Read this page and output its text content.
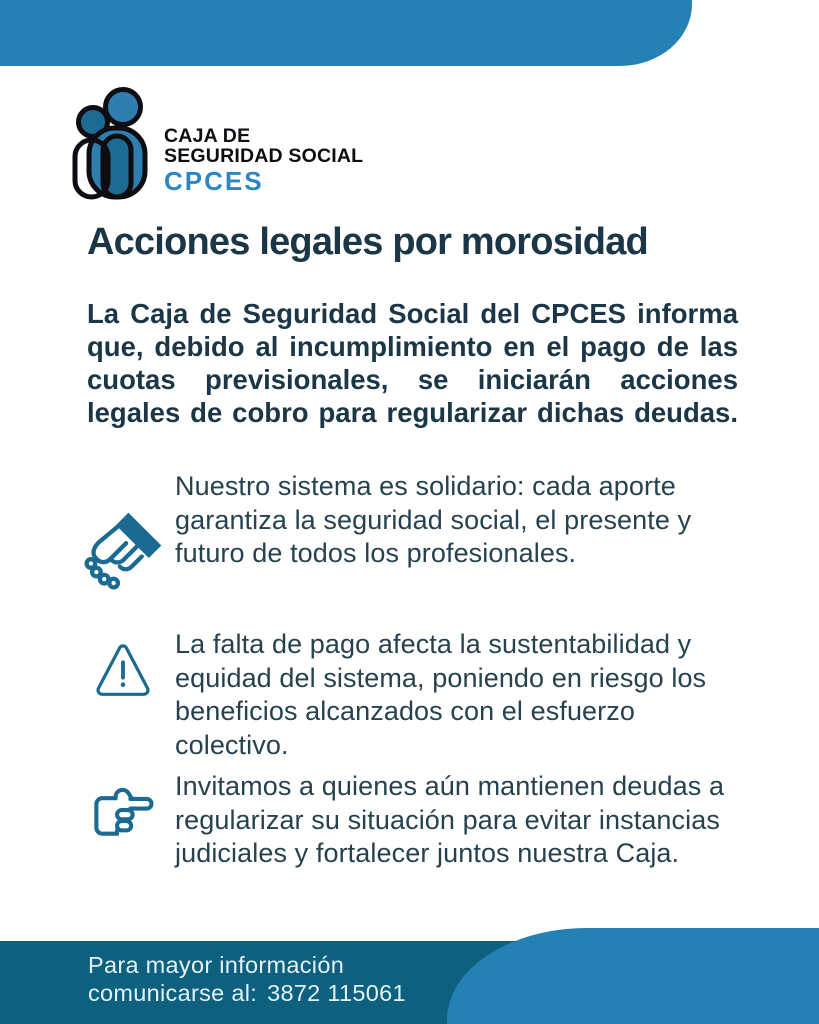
CAJA DE
SEGURIDAD SOCIAL
CPCES
Acciones legales por morosidad

La Caja de Seguridad Social del CPCES informa que, debido al incumplimiento en el pago de las cuotas previsionales, se iniciarán acciones legales de cobro para regularizar dichas deudas.

Nuestro sistema es solidario: cada aporte garantiza la seguridad social, el presente y futuro de todos los profesionales.
La falta de pago afecta la sustentabilidad y equidad del sistema, poniendo en riesgo los beneficios alcanzados con el esfuerzo colectivo.
Invitamos a quienes aún mantienen deudas a regularizar su situación para evitar instancias judiciales y fortalecer juntos nuestra Caja.
Para mayor información
comunicarse al: 3872 115061
